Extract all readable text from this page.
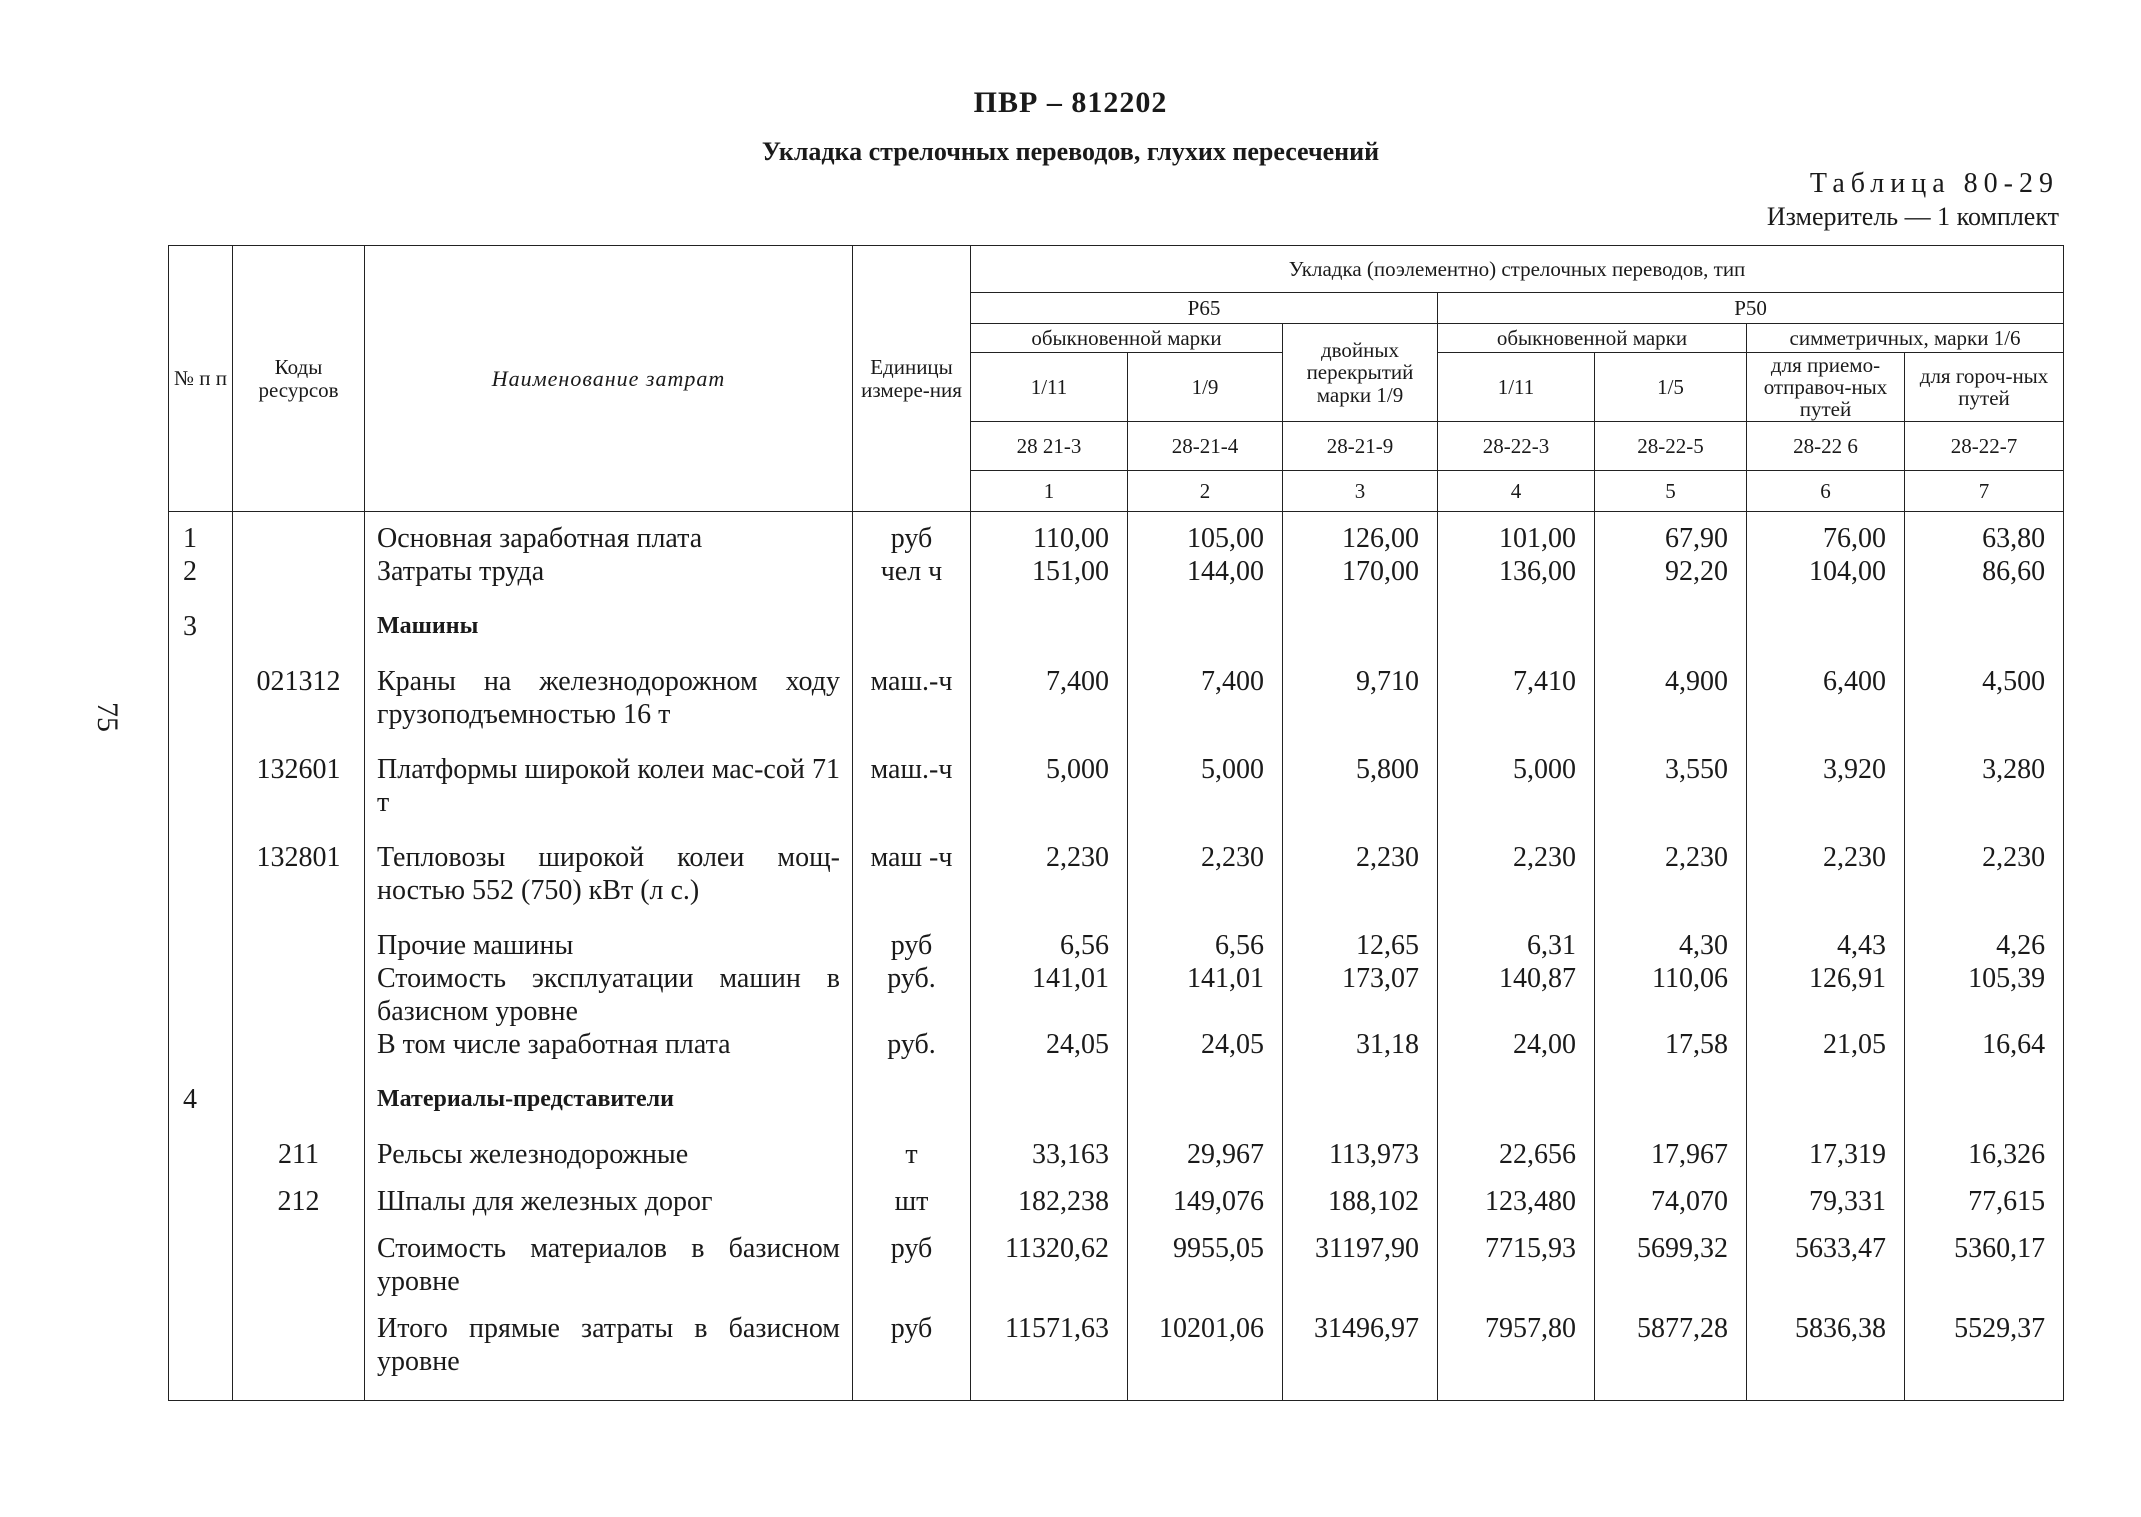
ПВР – 812202
Укладка стрелочных переводов, глухих пересечений
Таблица 80-29
Измеритель — 1 комплект
75
№ п п	Коды ресурсов	Наименование затрат	Единицы измере-ния	Укладка (поэлементно) стрелочных переводов, тип						
				Р65			Р50			
				обыкновенной марки		двойных перекрытий марки 1/9	обыкновенной марки		симметричных, марки 1/6	
				1/11	1/9		1/11	1/5	для приемо-отправоч-ных путей	для гороч-ных путей
				28 21-3	28-21-4	28-21-9	28-22-3	28-22-5	28-22 6	28-22-7
				1	2	3	4	5	6	7
1		Основная заработная плата	руб	110,00	105,00	126,00	101,00	67,90	76,00	63,80
2		Затраты труда	чел ч	151,00	144,00	170,00	136,00	92,20	104,00	86,60
3		Машины								
	021312	Краны на железнодорожном ходу грузоподъемностью 16 т	маш.-ч	7,400	7,400	9,710	7,410	4,900	6,400	4,500
	132601	Платформы широкой колеи мас-сой 71 т	маш.-ч	5,000	5,000	5,800	5,000	3,550	3,920	3,280
	132801	Тепловозы широкой колеи мощ-ностью 552 (750) кВт (л с.)	маш -ч	2,230	2,230	2,230	2,230	2,230	2,230	2,230
		Прочие машины	руб	6,56	6,56	12,65	6,31	4,30	4,43	4,26
		Стоимость эксплуатации машин в базисном уровне	руб.	141,01	141,01	173,07	140,87	110,06	126,91	105,39
		В том числе заработная плата	руб.	24,05	24,05	31,18	24,00	17,58	21,05	16,64
4		Материалы-представители								
	211	Рельсы железнодорожные	т	33,163	29,967	113,973	22,656	17,967	17,319	16,326
	212	Шпалы для железных дорог	шт	182,238	149,076	188,102	123,480	74,070	79,331	77,615
		Стоимость материалов в базисном уровне	руб	11320,62	9955,05	31197,90	7715,93	5699,32	5633,47	5360,17
		Итого прямые затраты в базисном уровне	руб	11571,63	10201,06	31496,97	7957,80	5877,28	5836,38	5529,37
